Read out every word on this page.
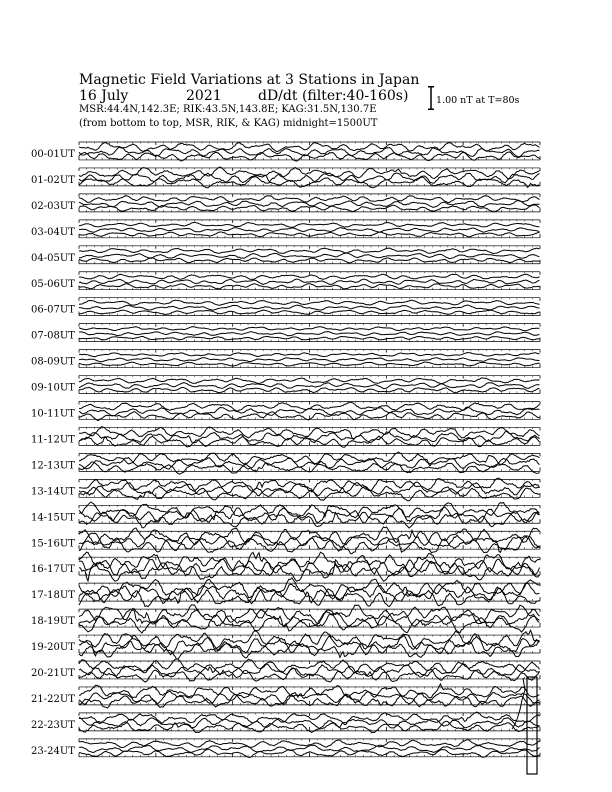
Magnetic Field Variations at 3 Stations in Japan
16 July	2021	dD/dt (filter:40-160s)
MSR:44.4N,142.3E; RIK:43.5N,143.8E; KAG:31.5N,130.7E
(from bottom to top, MSR, RIK, & KAG) midnight=1500UT
1.00 nT at T=80s
00-01UT
01-02UT
02-03UT
03-04UT
04-05UT
05-06UT
06-07UT
07-08UT
08-09UT
09-10UT
10-11UT
11-12UT
12-13UT
13-14UT
14-15UT
15-16UT
16-17UT
17-18UT
18-19UT
19-20UT
20-21UT
21-22UT
22-23UT
23-24UT
